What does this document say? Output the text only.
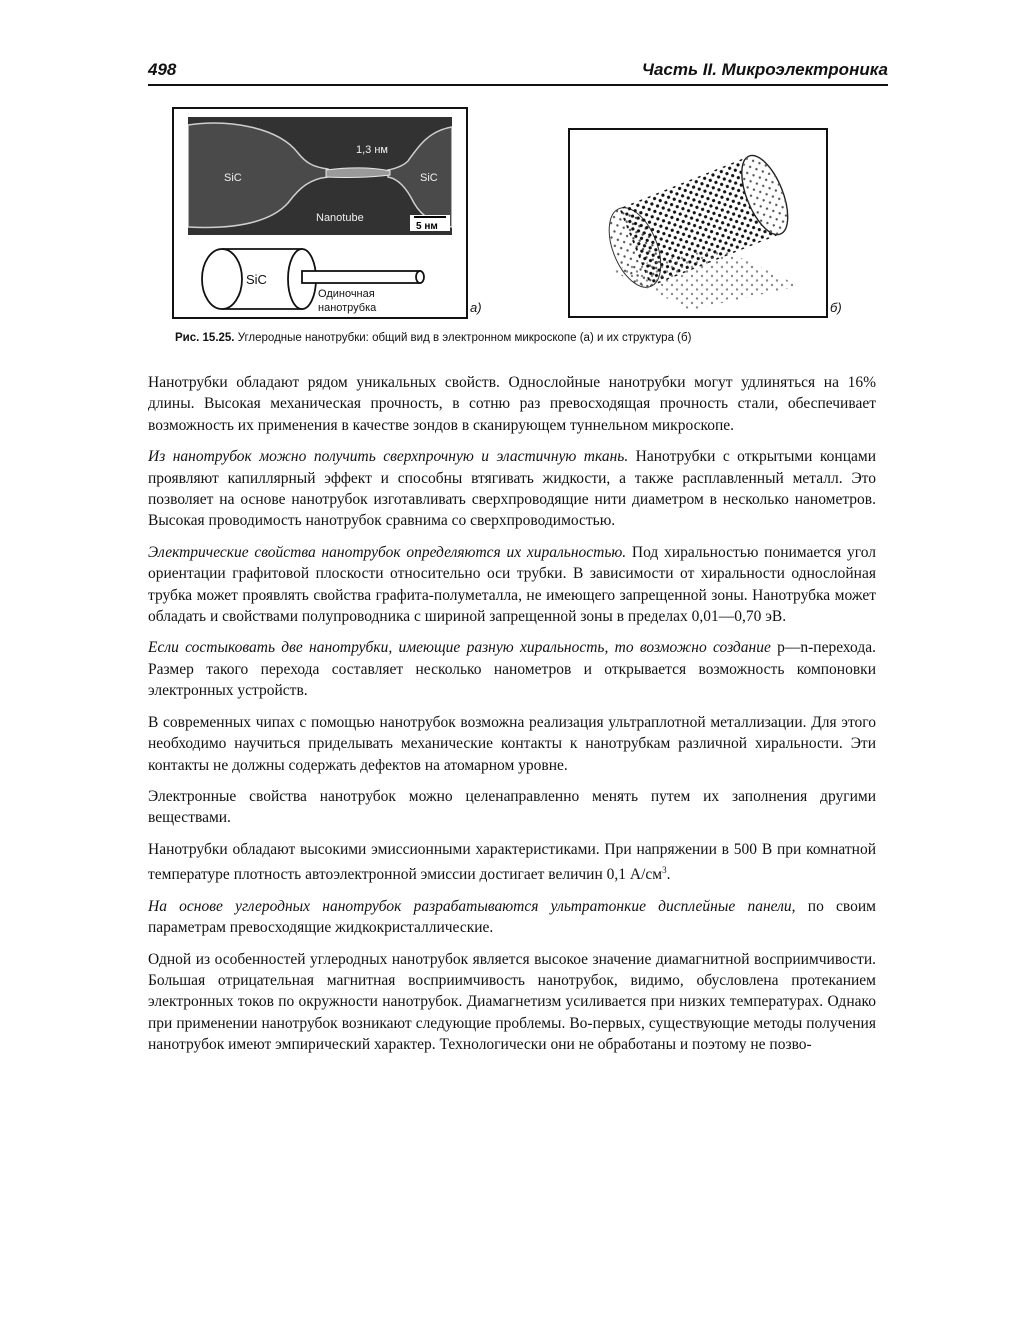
498	Часть II. Микроэлектроника
SiC	SiC
1,3 нм
Nanotube
5 нм
SiC
Одиночная
нанотрубка	а)	б)
Рис. 15.25. Углеродные нанотрубки: общий вид в электронном микроскопе (а) и их структура (б)

Нанотрубки обладают рядом уникальных свойств. Однослойные нанотрубки могут удлиняться на 16% длины. Высокая механическая прочность, в сотню раз превосходящая прочность стали, обеспечивает возможность их применения в качестве зондов в сканирующем туннельном микроскопе.

Из нанотрубок можно получить сверхпрочную и эластичную ткань. Нанотрубки с открытыми концами проявляют капиллярный эффект и способны втягивать жидкости, а также расплавленный металл. Это позволяет на основе нанотрубок изготавливать сверхпроводящие нити диаметром в несколько нанометров. Высокая проводимость нанотрубок сравнима со сверхпроводимостью.

Электрические свойства нанотрубок определяются их хиральностью. Под хиральностью понимается угол ориентации графитовой плоскости относительно оси трубки. В зависимости от хиральности однослойная трубка может проявлять свойства графита-полуметалла, не имеющего запрещенной зоны. Нанотрубка может обладать и свойствами полупроводника с шириной запрещенной зоны в пределах 0,01—0,70 эВ.

Если состыковать две нанотрубки, имеющие разную хиральность, то возможно создание p—n-перехода. Размер такого перехода составляет несколько нанометров и открывается возможность компоновки электронных устройств.

В современных чипах с помощью нанотрубок возможна реализация ультраплотной металлизации. Для этого необходимо научиться приделывать механические контакты к нанотрубкам различной хиральности. Эти контакты не должны содержать дефектов на атомарном уровне.

Электронные свойства нанотрубок можно целенаправленно менять путем их заполнения другими веществами.

Нанотрубки обладают высокими эмиссионными характеристиками. При напряжении в 500 В при комнатной температуре плотность автоэлектронной эмиссии достигает величин 0,1 $А/см^3$.

На основе углеродных нанотрубок разрабатываются ультратонкие дисплейные панели, по своим параметрам превосходящие жидкокристаллические.

Одной из особенностей углеродных нанотрубок является высокое значение диамагнитной восприимчивости. Большая отрицательная магнитная восприимчивость нанотрубок, видимо, обусловлена протеканием электронных токов по окружности нанотрубок. Диамагнетизм усиливается при низких температурах. Однако при применении нанотрубок возникают следующие проблемы. Во-первых, существующие методы получения нанотрубок имеют эмпирический характер. Технологически они не обработаны и поэтому не позво-
